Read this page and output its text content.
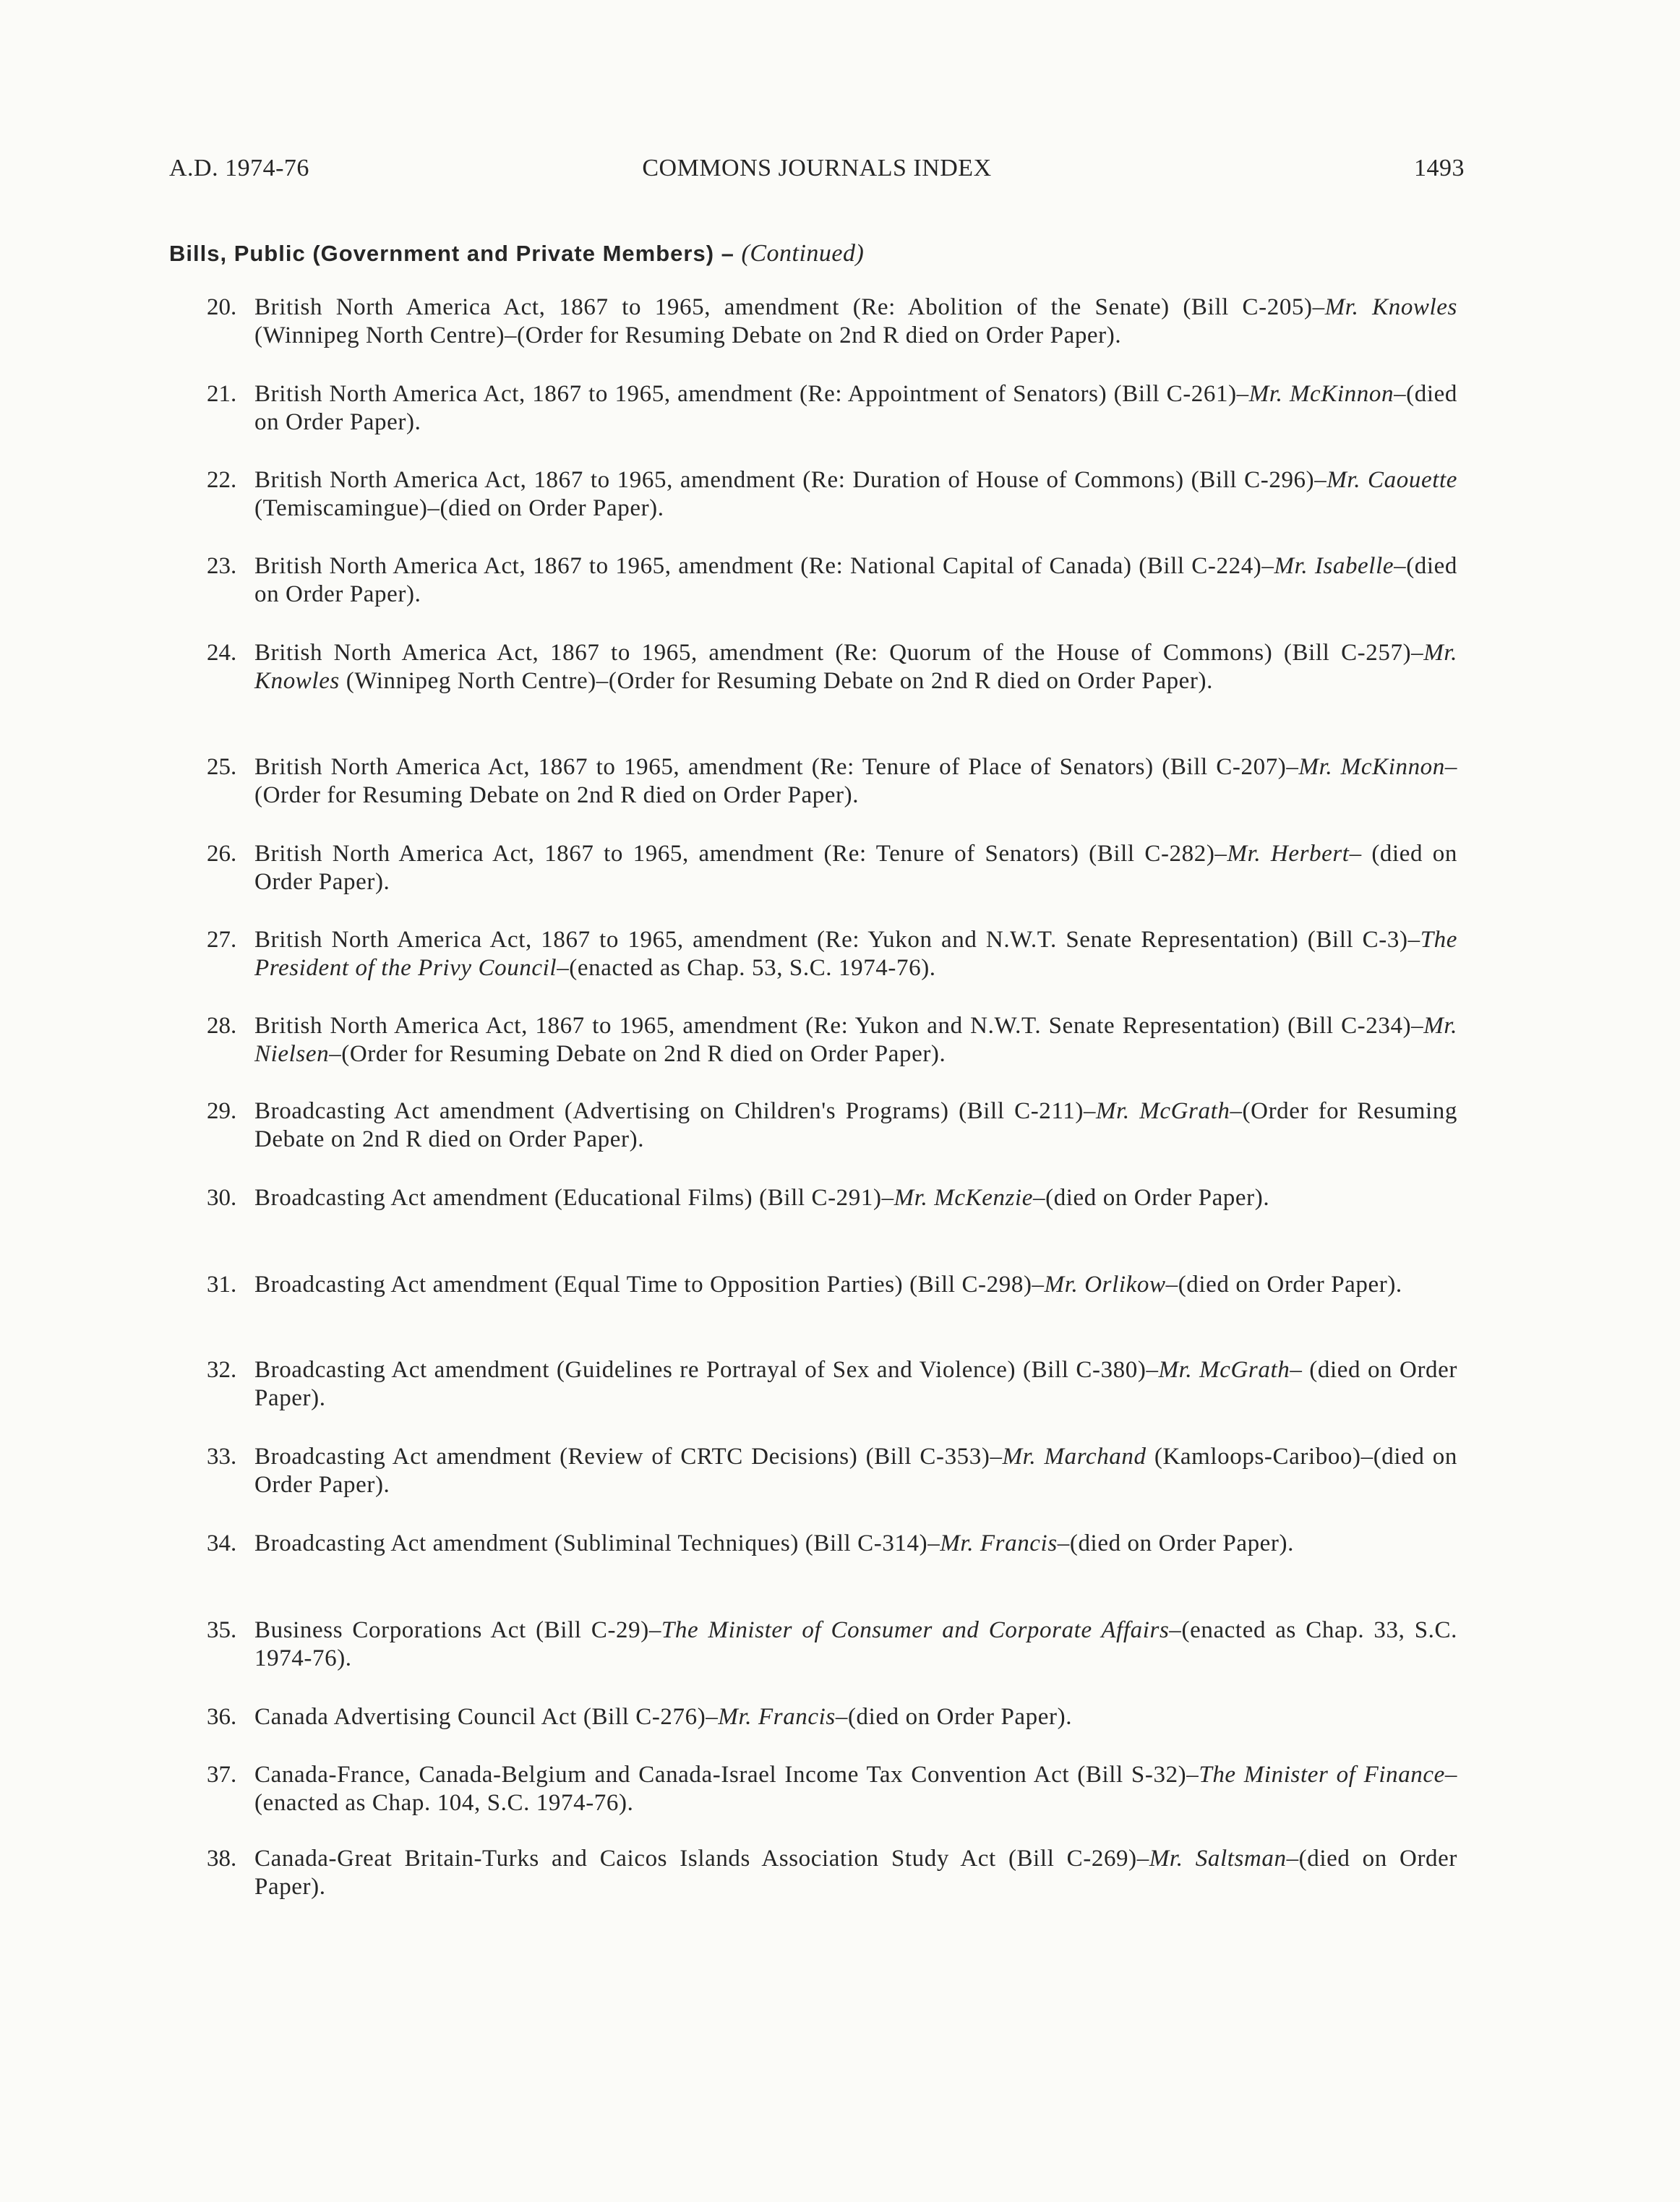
A.D. 1974-76	COMMONS JOURNALS INDEX	1493
Bills, Public (Government and Private Members) – (Continued)
20. British North America Act, 1867 to 1965, amendment (Re: Abolition of the Senate) (Bill C-205)–Mr. Knowles (Winnipeg North Centre)–(Order for Resuming Debate on 2nd R died on Order Paper).
21. British North America Act, 1867 to 1965, amendment (Re: Appointment of Senators) (Bill C-261)–Mr. McKinnon–(died on Order Paper).
22. British North America Act, 1867 to 1965, amendment (Re: Duration of House of Commons) (Bill C-296)–Mr. Caouette (Temiscamingue)–(died on Order Paper).
23. British North America Act, 1867 to 1965, amendment (Re: National Capital of Canada) (Bill C-224)–Mr. Isabelle–(died on Order Paper).
24. British North America Act, 1867 to 1965, amendment (Re: Quorum of the House of Commons) (Bill C-257)–Mr. Knowles (Winnipeg North Centre)–(Order for Resuming Debate on 2nd R died on Order Paper).
25. British North America Act, 1867 to 1965, amendment (Re: Tenure of Place of Senators) (Bill C-207)–Mr. McKinnon–(Order for Resuming Debate on 2nd R died on Order Paper).
26. British North America Act, 1867 to 1965, amendment (Re: Tenure of Senators) (Bill C-282)–Mr. Herbert– (died on Order Paper).
27. British North America Act, 1867 to 1965, amendment (Re: Yukon and N.W.T. Senate Representation) (Bill C-3)–The President of the Privy Council–(enacted as Chap. 53, S.C. 1974-76).
28. British North America Act, 1867 to 1965, amendment (Re: Yukon and N.W.T. Senate Representation) (Bill C-234)–Mr. Nielsen–(Order for Resuming Debate on 2nd R died on Order Paper).
29. Broadcasting Act amendment (Advertising on Children's Programs) (Bill C-211)–Mr. McGrath–(Order for Resuming Debate on 2nd R died on Order Paper).
30. Broadcasting Act amendment (Educational Films) (Bill C-291)–Mr. McKenzie–(died on Order Paper).
31. Broadcasting Act amendment (Equal Time to Opposition Parties) (Bill C-298)–Mr. Orlikow–(died on Order Paper).
32. Broadcasting Act amendment (Guidelines re Portrayal of Sex and Violence) (Bill C-380)–Mr. McGrath– (died on Order Paper).
33. Broadcasting Act amendment (Review of CRTC Decisions) (Bill C-353)–Mr. Marchand (Kamloops-Cariboo)–(died on Order Paper).
34. Broadcasting Act amendment (Subliminal Techniques) (Bill C-314)–Mr. Francis–(died on Order Paper).
35. Business Corporations Act (Bill C-29)–The Minister of Consumer and Corporate Affairs–(enacted as Chap. 33, S.C. 1974-76).
36. Canada Advertising Council Act (Bill C-276)–Mr. Francis–(died on Order Paper).
37. Canada-France, Canada-Belgium and Canada-Israel Income Tax Convention Act (Bill S-32)–The Minister of Finance–(enacted as Chap. 104, S.C. 1974-76).
38. Canada-Great Britain-Turks and Caicos Islands Association Study Act (Bill C-269)–Mr. Saltsman–(died on Order Paper).
